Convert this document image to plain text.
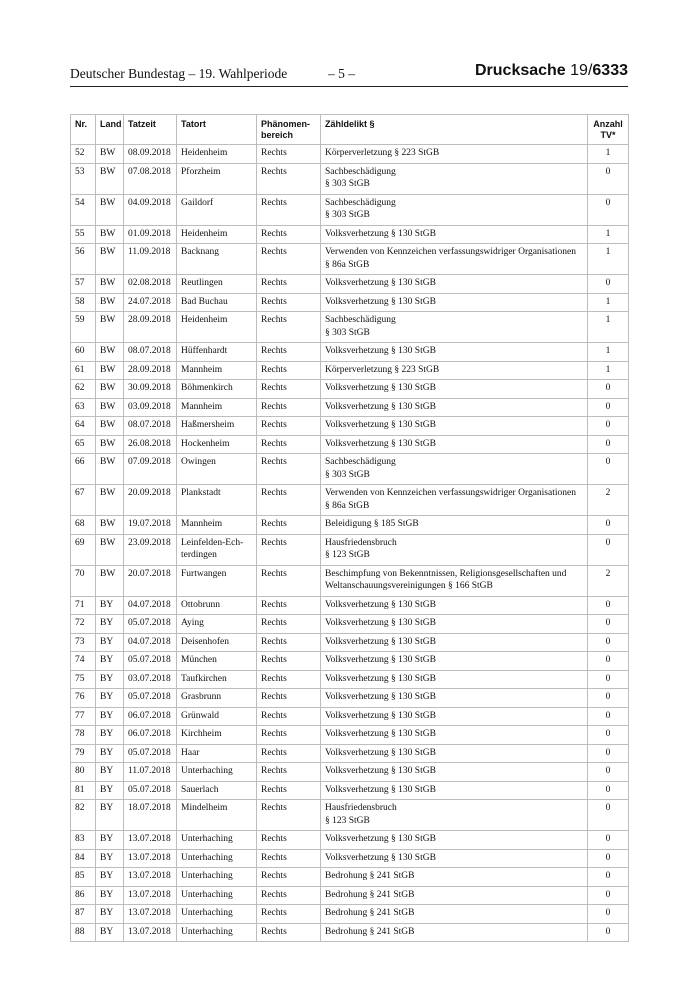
Deutscher Bundestag – 19. Wahlperiode	– 5 –	Drucksache 19/6333
Nr.	Land	Tatzeit	Tatort	Phänomen-
bereich	Zähldelikt §	Anzahl
TV*

52	BW	08.09.2018	Heidenheim	Rechts	Körperverletzung § 223 StGB	1
53	BW	07.08.2018	Pforzheim	Rechts	Sachbeschädigung
§ 303 StGB	0
54	BW	04.09.2018	Gaildorf	Rechts	Sachbeschädigung
§ 303 StGB	0
55	BW	01.09.2018	Heidenheim	Rechts	Volksverhetzung § 130 StGB	1
56	BW	11.09.2018	Backnang	Rechts	Verwenden von Kennzeichen verfassungswidriger Organisationen
§ 86a StGB	1
57	BW	02.08.2018	Reutlingen	Rechts	Volksverhetzung § 130 StGB	0
58	BW	24.07.2018	Bad Buchau	Rechts	Volksverhetzung § 130 StGB	1
59	BW	28.09.2018	Heidenheim	Rechts	Sachbeschädigung
§ 303 StGB	1
60	BW	08.07.2018	Hüffenhardt	Rechts	Volksverhetzung § 130 StGB	1
61	BW	28.09.2018	Mannheim	Rechts	Körperverletzung § 223 StGB	1
62	BW	30.09.2018	Böhmenkirch	Rechts	Volksverhetzung § 130 StGB	0
63	BW	03.09.2018	Mannheim	Rechts	Volksverhetzung § 130 StGB	0
64	BW	08.07.2018	Haßmersheim	Rechts	Volksverhetzung § 130 StGB	0
65	BW	26.08.2018	Hockenheim	Rechts	Volksverhetzung § 130 StGB	0
66	BW	07.09.2018	Owingen	Rechts	Sachbeschädigung
§ 303 StGB	0
67	BW	20.09.2018	Plankstadt	Rechts	Verwenden von Kennzeichen verfassungswidriger Organisationen
§ 86a StGB	2
68	BW	19.07.2018	Mannheim	Rechts	Beleidigung § 185 StGB	0
69	BW	23.09.2018	Leinfelden-Ech-
terdingen	Rechts	Hausfriedensbruch
§ 123 StGB	0
70	BW	20.07.2018	Furtwangen	Rechts	Beschimpfung von Bekenntnissen, Religionsgesellschaften und
Weltanschauungsvereinigungen § 166 StGB	2
71	BY	04.07.2018	Ottobrunn	Rechts	Volksverhetzung § 130 StGB	0
72	BY	05.07.2018	Aying	Rechts	Volksverhetzung § 130 StGB	0
73	BY	04.07.2018	Deisenhofen	Rechts	Volksverhetzung § 130 StGB	0
74	BY	05.07.2018	München	Rechts	Volksverhetzung § 130 StGB	0
75	BY	03.07.2018	Taufkirchen	Rechts	Volksverhetzung § 130 StGB	0
76	BY	05.07.2018	Grasbrunn	Rechts	Volksverhetzung § 130 StGB	0
77	BY	06.07.2018	Grünwald	Rechts	Volksverhetzung § 130 StGB	0
78	BY	06.07.2018	Kirchheim	Rechts	Volksverhetzung § 130 StGB	0
79	BY	05.07.2018	Haar	Rechts	Volksverhetzung § 130 StGB	0
80	BY	11.07.2018	Unterhaching	Rechts	Volksverhetzung § 130 StGB	0
81	BY	05.07.2018	Sauerlach	Rechts	Volksverhetzung § 130 StGB	0
82	BY	18.07.2018	Mindelheim	Rechts	Hausfriedensbruch
§ 123 StGB	0
83	BY	13.07.2018	Unterhaching	Rechts	Volksverhetzung § 130 StGB	0
84	BY	13.07.2018	Unterhaching	Rechts	Volksverhetzung § 130 StGB	0
85	BY	13.07.2018	Unterhaching	Rechts	Bedrohung § 241 StGB	0
86	BY	13.07.2018	Unterhaching	Rechts	Bedrohung § 241 StGB	0
87	BY	13.07.2018	Unterhaching	Rechts	Bedrohung § 241 StGB	0
88	BY	13.07.2018	Unterhaching	Rechts	Bedrohung § 241 StGB	0
